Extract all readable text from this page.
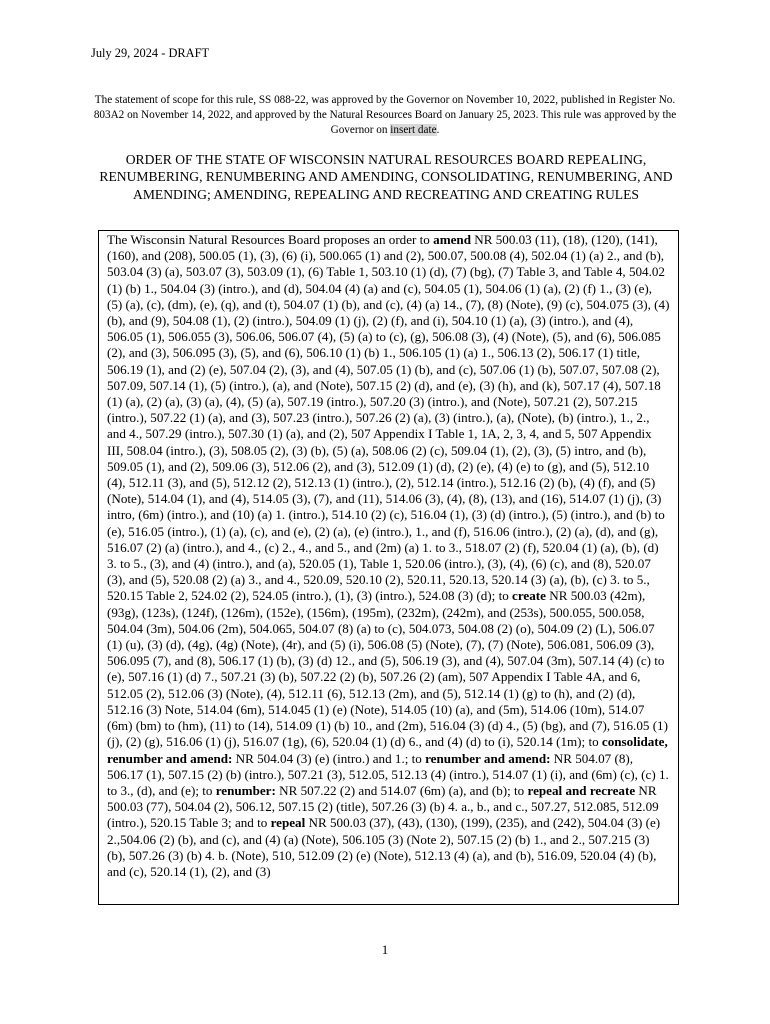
July 29, 2024 - DRAFT
The statement of scope for this rule, SS 088-22, was approved by the Governor on November 10, 2022, published in Register No. 803A2 on November 14, 2022, and approved by the Natural Resources Board on January 25, 2023. This rule was approved by the Governor on insert date.
ORDER OF THE STATE OF WISCONSIN NATURAL RESOURCES BOARD REPEALING, RENUMBERING, RENUMBERING AND AMENDING, CONSOLIDATING, RENUMBERING, AND AMENDING; AMENDING, REPEALING AND RECREATING AND CREATING RULES
The Wisconsin Natural Resources Board proposes an order to amend NR 500.03 (11), (18), (120), (141), (160), and (208), 500.05 (1), (3), (6) (i), 500.065 (1) and (2), 500.07, 500.08 (4), 502.04 (1) (a) 2., and (b), 503.04 (3) (a), 503.07 (3), 503.09 (1), (6) Table 1, 503.10 (1) (d), (7) (bg), (7) Table 3, and Table 4, 504.02 (1) (b) 1., 504.04 (3) (intro.), and (d), 504.04 (4) (a) and (c), 504.05 (1), 504.06 (1) (a), (2) (f) 1., (3) (e), (5) (a), (c), (dm), (e), (q), and (t), 504.07 (1) (b), and (c), (4) (a) 14., (7), (8) (Note), (9) (c), 504.075 (3), (4) (b), and (9), 504.08 (1), (2) (intro.), 504.09 (1) (j), (2) (f), and (i), 504.10 (1) (a), (3) (intro.), and (4), 506.05 (1), 506.055 (3), 506.06, 506.07 (4), (5) (a) to (c), (g), 506.08 (3), (4) (Note), (5), and (6), 506.085 (2), and (3), 506.095 (3), (5), and (6), 506.10 (1) (b) 1., 506.105 (1) (a) 1., 506.13 (2), 506.17 (1) title, 506.19 (1), and (2) (e), 507.04 (2), (3), and (4), 507.05 (1) (b), and (c), 507.06 (1) (b), 507.07, 507.08 (2), 507.09, 507.14 (1), (5) (intro.), (a), and (Note), 507.15 (2) (d), and (e), (3) (h), and (k), 507.17 (4), 507.18 (1) (a), (2) (a), (3) (a), (4), (5) (a), 507.19 (intro.), 507.20 (3) (intro.), and (Note), 507.21 (2), 507.215 (intro.), 507.22 (1) (a), and (3), 507.23 (intro.), 507.26 (2) (a), (3) (intro.), (a), (Note), (b) (intro.), 1., 2., and 4., 507.29 (intro.), 507.30 (1) (a), and (2), 507 Appendix I Table 1, 1A, 2, 3, 4, and 5, 507 Appendix III, 508.04 (intro.), (3), 508.05 (2), (3) (b), (5) (a), 508.06 (2) (c), 509.04 (1), (2), (3), (5) intro, and (b), 509.05 (1), and (2), 509.06 (3), 512.06 (2), and (3), 512.09 (1) (d), (2) (e), (4) (e) to (g), and (5), 512.10 (4), 512.11 (3), and (5), 512.12 (2), 512.13 (1) (intro.), (2), 512.14 (intro.), 512.16 (2) (b), (4) (f), and (5) (Note), 514.04 (1), and (4), 514.05 (3), (7), and (11), 514.06 (3), (4), (8), (13), and (16), 514.07 (1) (j), (3) intro, (6m) (intro.), and (10) (a) 1. (intro.), 514.10 (2) (c), 516.04 (1), (3) (d) (intro.), (5) (intro.), and (b) to (e), 516.05 (intro.), (1) (a), (c), and (e), (2) (a), (e) (intro.), 1., and (f), 516.06 (intro.), (2) (a), (d), and (g), 516.07 (2) (a) (intro.), and 4., (c) 2., 4., and 5., and (2m) (a) 1. to 3., 518.07 (2) (f), 520.04 (1) (a), (b), (d) 3. to 5., (3), and (4) (intro.), and (a), 520.05 (1), Table 1, 520.06 (intro.), (3), (4), (6) (c), and (8), 520.07 (3), and (5), 520.08 (2) (a) 3., and 4., 520.09, 520.10 (2), 520.11, 520.13, 520.14 (3) (a), (b), (c) 3. to 5., 520.15 Table 2, 524.02 (2), 524.05 (intro.), (1), (3) (intro.), 524.08 (3) (d); to create NR 500.03 (42m), (93g), (123s), (124f), (126m), (152e), (156m), (195m), (232m), (242m), and (253s), 500.055, 500.058, 504.04 (3m), 504.06 (2m), 504.065, 504.07 (8) (a) to (c), 504.073, 504.08 (2) (o), 504.09 (2) (L), 506.07 (1) (u), (3) (d), (4g), (4g) (Note), (4r), and (5) (i), 506.08 (5) (Note), (7), (7) (Note), 506.081, 506.09 (3), 506.095 (7), and (8), 506.17 (1) (b), (3) (d) 12., and (5), 506.19 (3), and (4), 507.04 (3m), 507.14 (4) (c) to (e), 507.16 (1) (d) 7., 507.21 (3) (b), 507.22 (2) (b), 507.26 (2) (am), 507 Appendix I Table 4A, and 6, 512.05 (2), 512.06 (3) (Note), (4), 512.11 (6), 512.13 (2m), and (5), 512.14 (1) (g) to (h), and (2) (d), 512.16 (3) Note, 514.04 (6m), 514.045 (1) (e) (Note), 514.05 (10) (a), and (5m), 514.06 (10m), 514.07 (6m) (bm) to (hm), (11) to (14), 514.09 (1) (b) 10., and (2m), 516.04 (3) (d) 4., (5) (bg), and (7), 516.05 (1) (j), (2) (g), 516.06 (1) (j), 516.07 (1g), (6), 520.04 (1) (d) 6., and (4) (d) to (i), 520.14 (1m); to consolidate, renumber and amend: NR 504.04 (3) (e) (intro.) and 1.; to renumber and amend: NR 504.07 (8), 506.17 (1), 507.15 (2) (b) (intro.), 507.21 (3), 512.05, 512.13 (4) (intro.), 514.07 (1) (i), and (6m) (c), (c) 1. to 3., (d), and (e); to renumber: NR 507.22 (2) and 514.07 (6m) (a), and (b); to repeal and recreate NR 500.03 (77), 504.04 (2), 506.12, 507.15 (2) (title), 507.26 (3) (b) 4. a., b., and c., 507.27, 512.085, 512.09 (intro.), 520.15 Table 3; and to repeal NR 500.03 (37), (43), (130), (199), (235), and (242), 504.04 (3) (e) 2.,504.06 (2) (b), and (c), and (4) (a) (Note), 506.105 (3) (Note 2), 507.15 (2) (b) 1., and 2., 507.215 (3) (b), 507.26 (3) (b) 4. b. (Note), 510, 512.09 (2) (e) (Note), 512.13 (4) (a), and (b), 516.09, 520.04 (4) (b), and (c), 520.14 (1), (2), and (3)
1
